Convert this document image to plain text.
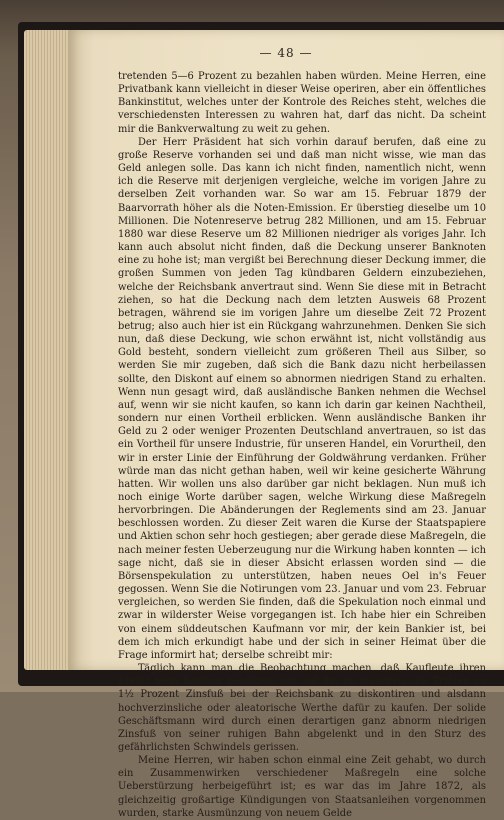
— 48 —

tretenden 5—6 Prozent zu bezahlen haben würden. Meine Herren, eine Privatbank kann vielleicht in dieser Weise operiren, aber ein öffentliches Bankinstitut, welches unter der Kontrole des Reiches steht, welches die verschiedensten Interessen zu wahren hat, darf das nicht. Da scheint mir die Bankverwaltung zu weit zu gehen.

Der Herr Präsident hat sich vorhin darauf berufen, daß eine zu große Reserve vorhanden sei und daß man nicht wisse, wie man das Geld anlegen solle. Das kann ich nicht finden, namentlich nicht, wenn ich die Reserve mit derjenigen vergleiche, welche im vorigen Jahre zu derselben Zeit vorhanden war. So war am 15. Februar 1879 der Baarvorrath höher als die Noten-Emission. Er überstieg dieselbe um 10 Millionen. Die Notenreserve betrug 282 Millionen, und am 15. Februar 1880 war diese Reserve um 82 Millionen niedriger als voriges Jahr. Ich kann auch absolut nicht finden, daß die Deckung unserer Banknoten eine zu hohe ist; man vergißt bei Berechnung dieser Deckung immer, die großen Summen von jeden Tag kündbaren Geldern einzubeziehen, welche der Reichsbank anvertraut sind. Wenn Sie diese mit in Betracht ziehen, so hat die Deckung nach dem letzten Ausweis 68 Prozent betragen, während sie im vorigen Jahre um dieselbe Zeit 72 Prozent betrug; also auch hier ist ein Rückgang wahrzunehmen. Denken Sie sich nun, daß diese Deckung, wie schon erwähnt ist, nicht vollständig aus Gold besteht, sondern vielleicht zum größeren Theil aus Silber, so werden Sie mir zugeben, daß sich die Bank dazu nicht herbeilassen sollte, den Diskont auf einem so abnormen niedrigen Stand zu erhalten. Wenn nun gesagt wird, daß ausländische Banken nehmen die Wechsel auf, wenn wir sie nicht kaufen, so kann ich darin gar keinen Nachtheil, sondern nur einen Vortheil erblicken. Wenn ausländische Banken ihr Geld zu 2 oder weniger Prozenten Deutschland anvertrauen, so ist das ein Vortheil für unsere Industrie, für unseren Handel, ein Vorurtheil, den wir in erster Linie der Einführung der Goldwährung verdanken. Früher würde man das nicht gethan haben, weil wir keine gesicherte Währung hatten. Wir wollen uns also darüber gar nicht beklagen. Nun muß ich noch einige Worte darüber sagen, welche Wirkung diese Maßregeln hervorbringen. Die Abänderungen der Reglements sind am 23. Januar beschlossen worden. Zu dieser Zeit waren die Kurse der Staatspapiere und Aktien schon sehr hoch gestiegen; aber gerade diese Maßregeln, die nach meiner festen Ueberzeugung nur die Wirkung haben konnten — ich sage nicht, daß sie in dieser Absicht erlassen worden sind — die Börsenspekulation zu unterstützen, haben neues Oel in's Feuer gegossen. Wenn Sie die Notirungen vom 23. Januar und vom 23. Februar vergleichen, so werden Sie finden, daß die Spekulation noch einmal und zwar in wilderster Weise vorgegangen ist. Ich habe hier ein Schreiben von einem süddeutschen Kaufmann vor mir, der kein Bankier ist, bei dem ich mich erkundigt habe und der sich in seiner Heimat über die Frage informirt hat; derselbe schreibt mir:

Täglich kann man die Beobachtung machen, daß Kaufleute ihren Kredit beim Bankier benutzen, um auf ihn zu trassiren, die Tratten zu 1½ Prozent Zinsfuß bei der Reichsbank zu diskontiren und alsdann hochverzinsliche oder aleatorische Werthe dafür zu kaufen. Der solide Geschäftsmann wird durch einen derartigen ganz abnorm niedrigen Zinsfuß von seiner ruhigen Bahn abgelenkt und in den Sturz des gefährlichsten Schwindels gerissen.

Meine Herren, wir haben schon einmal eine Zeit gehabt, wo durch ein Zusammenwirken verschiedener Maßregeln eine solche Ueberstürzung herbeigeführt ist; es war das im Jahre 1872, als gleichzeitig großartige Kündigungen von Staatsanleihen vorgenommen wurden, starke Ausmünzung von neuem Gelde
